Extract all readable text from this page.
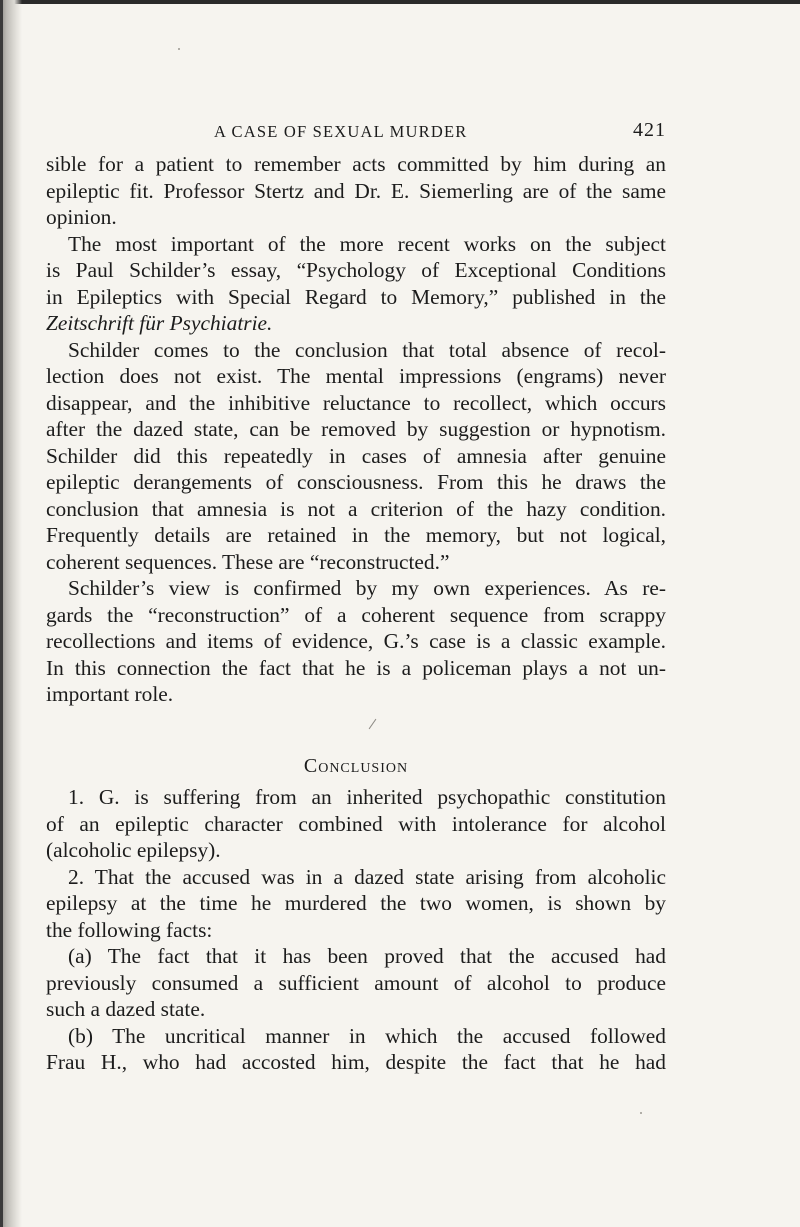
A CASE OF SEXUAL MURDER	421
sible for a patient to remember acts committed by him during an
epileptic fit. Professor Stertz and Dr. E. Siemerling are of the same
opinion.
The most important of the more recent works on the subject
is Paul Schilder’s essay, “Psychology of Exceptional Conditions
in Epileptics with Special Regard to Memory,” published in the
Zeitschrift für Psychiatrie.
Schilder comes to the conclusion that total absence of recol-
lection does not exist. The mental impressions (engrams) never
disappear, and the inhibitive reluctance to recollect, which occurs
after the dazed state, can be removed by suggestion or hypnotism.
Schilder did this repeatedly in cases of amnesia after genuine
epileptic derangements of consciousness. From this he draws the
conclusion that amnesia is not a criterion of the hazy condition.
Frequently details are retained in the memory, but not logical,
coherent sequences. These are “reconstructed.”
Schilder’s view is confirmed by my own experiences. As re-
gards the “reconstruction” of a coherent sequence from scrappy
recollections and items of evidence, G.’s case is a classic example.
In this connection the fact that he is a policeman plays a not un-
important role.
Conclusion
1. G. is suffering from an inherited psychopathic constitution
of an epileptic character combined with intolerance for alcohol
(alcoholic epilepsy).
2. That the accused was in a dazed state arising from alcoholic
epilepsy at the time he murdered the two women, is shown by
the following facts:
(a) The fact that it has been proved that the accused had
previously consumed a sufficient amount of alcohol to produce
such a dazed state.
(b) The uncritical manner in which the accused followed
Frau H., who had accosted him, despite the fact that he had
